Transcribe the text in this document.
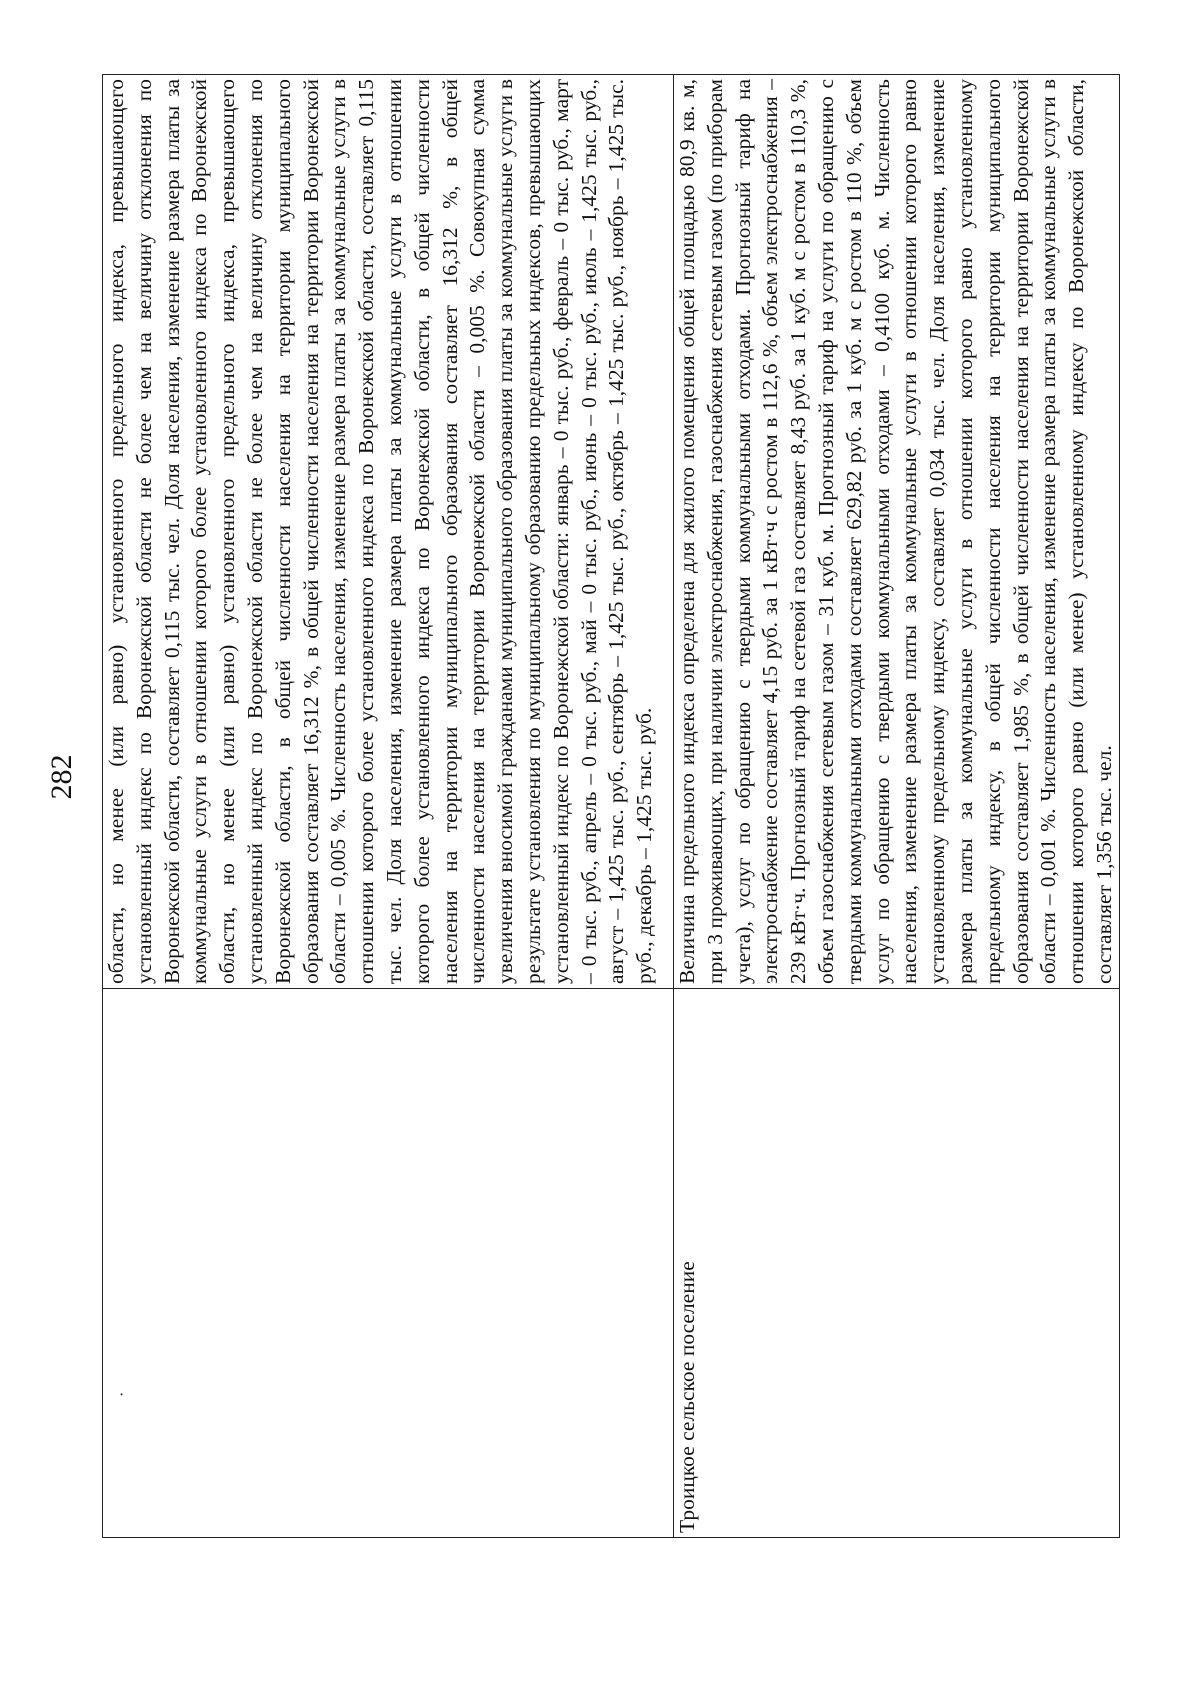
282
·	области, но менее (или равно) установленного предельного индекса, превышающего установленный индекс по Воронежской области не более чем на величину отклонения по Воронежской области, составляет 0,115 тыс. чел. Доля населения, изменение размера платы за коммунальные услуги в отношении которого более установленного индекса по Воронежской области, но менее (или равно) установленного предельного индекса, превышающего установленный индекс по Воронежской области не более чем на величину отклонения по Воронежской области, в общей численности населения на территории муниципального образования составляет 16,312 %, в общей численности населения на территории Воронежской области – 0,005 %. Численность населения, изменение размера платы за коммунальные услуги в отношении которого более установленного индекса по Воронежской области, составляет 0,115 тыс. чел. Доля населения, изменение размера платы за коммунальные услуги в отношении которого более установленного индекса по Воронежской области, в общей численности населения на территории муниципального образования составляет 16,312 %, в общей численности населения на территории Воронежской области – 0,005 %. Совокупная сумма увеличения вносимой гражданами муниципального образования платы за коммунальные услуги в результате установления по муниципальному образованию предельных индексов, превышающих установленный индекс по Воронежской области: январь – 0 тыс. руб., февраль – 0 тыс. руб., март – 0 тыс. руб., апрель – 0 тыс. руб., май – 0 тыс. руб., июнь – 0 тыс. руб., июль – 1,425 тыс. руб., август – 1,425 тыс. руб., сентябрь – 1,425 тыс. руб., октябрь – 1,425 тыс. руб., ноябрь – 1,425 тыс. руб., декабрь – 1,425 тыс. руб.
Троицкое сельское поселение	Величина предельного индекса определена для жилого помещения общей площадью 80,9 кв. м, при 3 проживающих, при наличии электроснабжения, газоснабжения сетевым газом (по приборам учета), услуг по обращению с твердыми коммунальными отходами. Прогнозный тариф на электроснабжение составляет 4,15 руб. за 1 кВт·ч с ростом в 112,6 %, объем электроснабжения – 239 кВт·ч. Прогнозный тариф на сетевой газ составляет 8,43 руб. за 1 куб. м с ростом в 110,3 %, объем газоснабжения сетевым газом – 31 куб. м. Прогнозный тариф на услуги по обращению с твердыми коммунальными отходами составляет 629,82 руб. за 1 куб. м с ростом в 110 %, объем услуг по обращению с твердыми коммунальными отходами – 0,4100 куб. м. Численность населения, изменение размера платы за коммунальные услуги в отношении которого равно установленному предельному индексу, составляет 0,034 тыс. чел. Доля населения, изменение размера платы за коммунальные услуги в отношении которого равно установленному предельному индексу, в общей численности населения на территории муниципального образования составляет 1,985 %, в общей численности населения на территории Воронежской области – 0,001 %. Численность населения, изменение размера платы за коммунальные услуги в отношении которого равно (или менее) установленному индексу по Воронежской области, составляет 1,356 тыс. чел.
